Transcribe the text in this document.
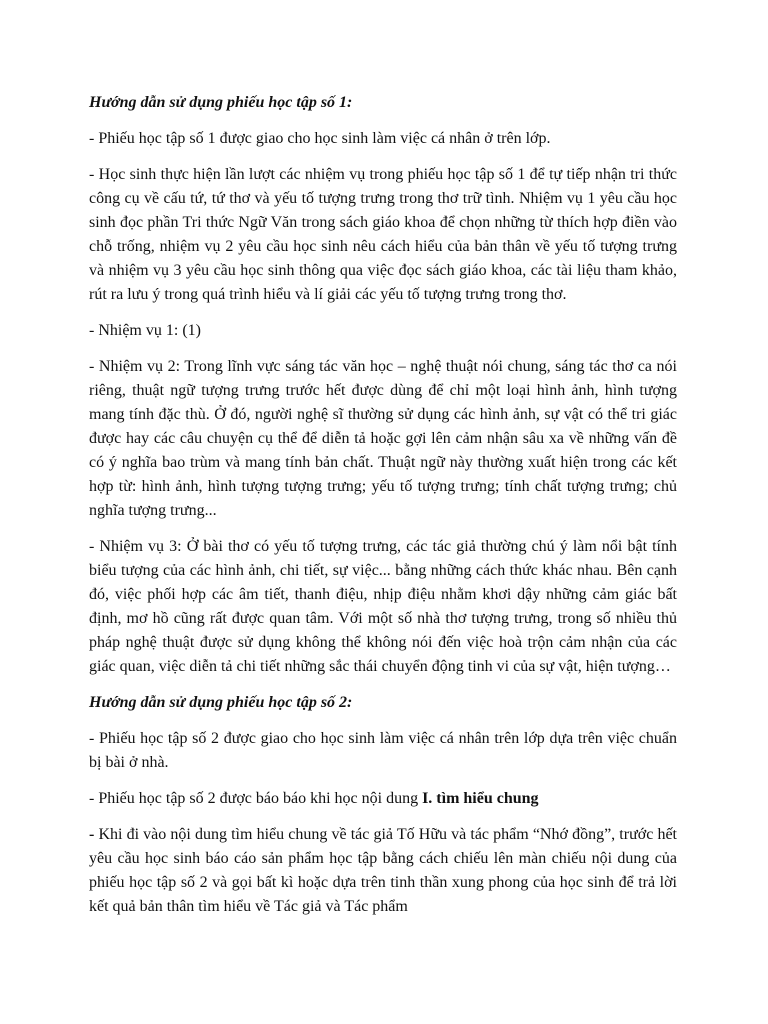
Hướng dẫn sử dụng phiếu học tập số 1:

- Phiếu học tập số 1 được giao cho học sinh làm việc cá nhân ở trên lớp.

- Học sinh thực hiện lần lượt các nhiệm vụ trong phiếu học tập số 1 để tự tiếp nhận tri thức công cụ về cấu tứ, tứ thơ và yếu tố tượng trưng trong thơ trữ tình. Nhiệm vụ 1 yêu cầu học sinh đọc phần Tri thức Ngữ Văn trong sách giáo khoa để chọn những từ thích hợp điền vào chỗ trống, nhiệm vụ 2 yêu cầu học sinh nêu cách hiểu của bản thân về yếu tố tượng trưng và nhiệm vụ 3 yêu cầu học sinh thông qua việc đọc sách giáo khoa, các tài liệu tham khảo, rút ra lưu ý trong quá trình hiểu và lí giải các yếu tố tượng trưng trong thơ.

- Nhiệm vụ 1: (1)

- Nhiệm vụ 2: Trong lĩnh vực sáng tác văn học – nghệ thuật nói chung, sáng tác thơ ca nói riêng, thuật ngữ tượng trưng trước hết được dùng để chỉ một loại hình ảnh, hình tượng mang tính đặc thù. Ở đó, người nghệ sĩ thường sử dụng các hình ảnh, sự vật có thể tri giác được hay các câu chuyện cụ thể để diễn tả hoặc gợi lên cảm nhận sâu xa về những vấn đề có ý nghĩa bao trùm và mang tính bản chất. Thuật ngữ này thường xuất hiện trong các kết hợp từ: hình ảnh, hình tượng tượng trưng; yếu tố tượng trưng; tính chất tượng trưng; chủ nghĩa tượng trưng...

- Nhiệm vụ 3: Ở bài thơ có yếu tố tượng trưng, các tác giả thường chú ý làm nổi bật tính biểu tượng của các hình ảnh, chi tiết, sự việc... bằng những cách thức khác nhau. Bên cạnh đó, việc phối hợp các âm tiết, thanh điệu, nhịp điệu nhằm khơi dậy những cảm giác bất định, mơ hồ cũng rất được quan tâm. Với một số nhà thơ tượng trưng, trong số nhiều thủ pháp nghệ thuật được sử dụng không thể không nói đến việc hoà trộn cảm nhận của các giác quan, việc diễn tả chi tiết những sắc thái chuyển động tinh vi của sự vật, hiện tượng…

Hướng dẫn sử dụng phiếu học tập số 2:

- Phiếu học tập số 2 được giao cho học sinh làm việc cá nhân trên lớp dựa trên việc chuẩn bị bài ở nhà.

- Phiếu học tập số 2 được báo báo khi học nội dung I. tìm hiểu chung

- Khi đi vào nội dung tìm hiểu chung về tác giả Tố Hữu và tác phẩm “Nhớ đồng”, trước hết yêu cầu học sinh báo cáo sản phẩm học tập bằng cách chiếu lên màn chiếu nội dung của phiếu học tập số 2 và gọi bất kì hoặc dựa trên tinh thần xung phong của học sinh để trả lời kết quả bản thân tìm hiểu về Tác giả và Tác phẩm
